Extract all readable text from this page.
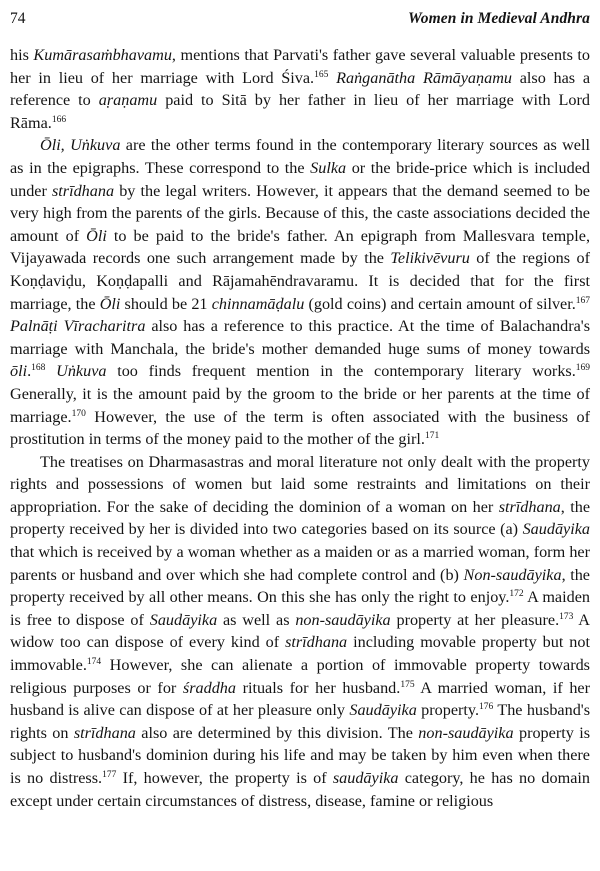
74	Women in Medieval Andhra

his Kumārasaṁbhavamu, mentions that Parvati's father gave several valuable presents to her in lieu of her marriage with Lord Śiva.$^{165}$ Raṅganātha Rāmāyaṇamu also has a reference to aṛaṇamu paid to Sitā by her father in lieu of her marriage with Lord Rāma.$^{166}$

Ōli, Uṅkuva are the other terms found in the contemporary literary sources as well as in the epigraphs. These correspond to the Sulka or the bride-price which is included under strīdhana by the legal writers. However, it appears that the demand seemed to be very high from the parents of the girls. Because of this, the caste associations decided the amount of Ōli to be paid to the bride's father. An epigraph from Mallesvara temple, Vijayawada records one such arrangement made by the Telikivēvuru of the regions of Koṇḍaviḍu, Koṇḍapalli and Rājamahēndravaramu. It is decided that for the first marriage, the Ōli should be 21 chinnamāḍalu (gold coins) and certain amount of silver.$^{167}$ Palnāṭi Vīracharitra also has a reference to this practice. At the time of Balachandra's marriage with Manchala, the bride's mother demanded huge sums of money towards ōli.$^{168}$ Uṅkuva too finds frequent mention in the contemporary literary works.$^{169}$ Generally, it is the amount paid by the groom to the bride or her parents at the time of marriage.$^{170}$ However, the use of the term is often associated with the business of prostitution in terms of the money paid to the mother of the girl.$^{171}$

The treatises on Dharmasastras and moral literature not only dealt with the property rights and possessions of women but laid some restraints and limitations on their appropriation. For the sake of deciding the dominion of a woman on her strīdhana, the property received by her is divided into two categories based on its source (a) Saudāyika that which is received by a woman whether as a maiden or as a married woman, form her parents or husband and over which she had complete control and (b) Non-saudāyika, the property received by all other means. On this she has only the right to enjoy.$^{172}$ A maiden is free to dispose of Saudāyika as well as non-saudāyika property at her pleasure.$^{173}$ A widow too can dispose of every kind of strīdhana including movable property but not immovable.$^{174}$ However, she can alienate a portion of immovable property towards religious purposes or for śraddha rituals for her husband.$^{175}$ A married woman, if her husband is alive can dispose of at her pleasure only Saudāyika property.$^{176}$ The husband's rights on strīdhana also are determined by this division. The non-saudāyika property is subject to husband's dominion during his life and may be taken by him even when there is no distress.$^{177}$ If, however, the property is of saudāyika category, he has no domain except under certain circumstances of distress, disease, famine or religious
